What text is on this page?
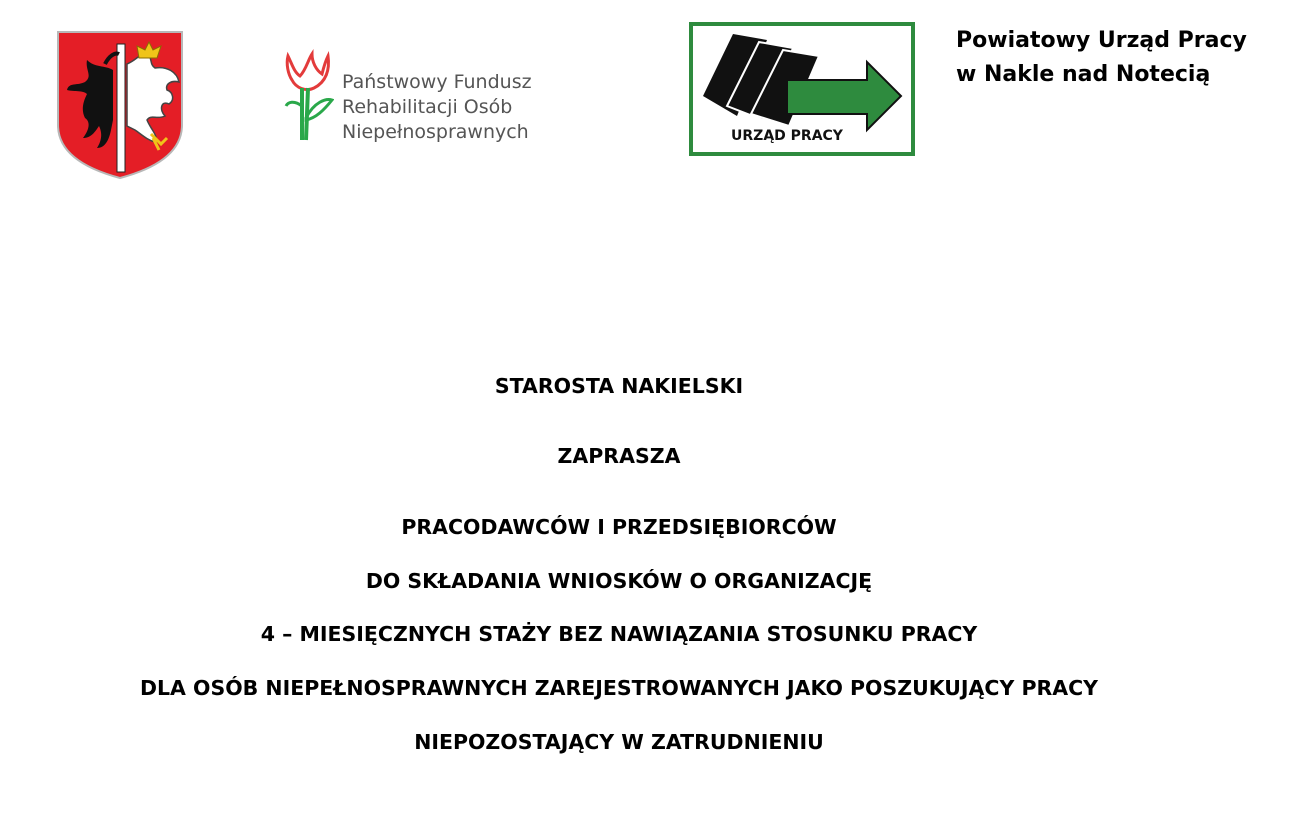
Państwowy Fundusz
Rehabilitacji Osób
Niepełnosprawnych	URZĄD PRACY
Powiatowy Urząd Pracy
w Nakle nad Notecią
STAROSTA NAKIELSKI
ZAPRASZA
PRACODAWCÓW I PRZEDSIĘBIORCÓW
DO SKŁADANIA WNIOSKÓW O ORGANIZACJĘ
4 – MIESIĘCZNYCH STAŻY BEZ NAWIĄZANIA STOSUNKU PRACY
DLA OSÓB NIEPEŁNOSPRAWNYCH ZAREJESTROWANYCH JAKO POSZUKUJĄCY PRACY
NIEPOZOSTAJĄCY W ZATRUDNIENIU
